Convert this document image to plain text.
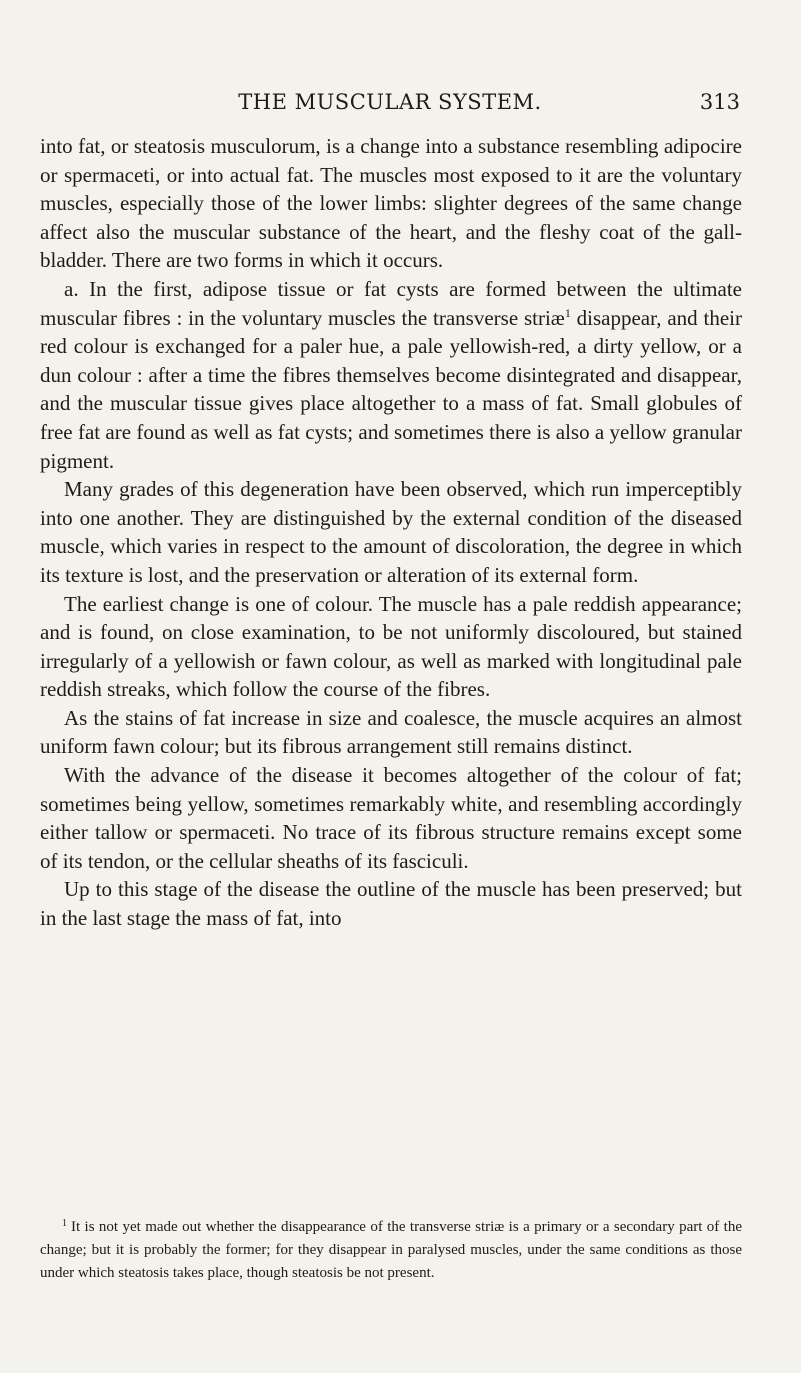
THE MUSCULAR SYSTEM.	313

into fat, or steatosis musculorum, is a change into a substance resembling adipocire or spermaceti, or into actual fat. The muscles most exposed to it are the voluntary muscles, especially those of the lower limbs: slighter degrees of the same change affect also the muscular substance of the heart, and the fleshy coat of the gall-bladder. There are two forms in which it occurs.

a. In the first, adipose tissue or fat cysts are formed between the ultimate muscular fibres : in the voluntary muscles the transverse striæ$^1$ disappear, and their red colour is exchanged for a paler hue, a pale yellowish-red, a dirty yellow, or a dun colour : after a time the fibres themselves become disintegrated and disappear, and the muscular tissue gives place altogether to a mass of fat. Small globules of free fat are found as well as fat cysts; and sometimes there is also a yellow granular pigment.

Many grades of this degeneration have been observed, which run imperceptibly into one another. They are distinguished by the external condition of the diseased muscle, which varies in respect to the amount of discoloration, the degree in which its texture is lost, and the preservation or alteration of its external form.

The earliest change is one of colour. The muscle has a pale reddish appearance; and is found, on close examination, to be not uniformly discoloured, but stained irregularly of a yellowish or fawn colour, as well as marked with longitudinal pale reddish streaks, which follow the course of the fibres.

As the stains of fat increase in size and coalesce, the muscle acquires an almost uniform fawn colour; but its fibrous arrangement still remains distinct.

With the advance of the disease it becomes altogether of the colour of fat; sometimes being yellow, sometimes remarkably white, and resembling accordingly either tallow or spermaceti. No trace of its fibrous structure remains except some of its tendon, or the cellular sheaths of its fasciculi.

Up to this stage of the disease the outline of the muscle has been preserved; but in the last stage the mass of fat, into

$^1$ It is not yet made out whether the disappearance of the transverse striæ is a primary or a secondary part of the change; but it is probably the former; for they disappear in paralysed muscles, under the same conditions as those under which steatosis takes place, though steatosis be not present.
